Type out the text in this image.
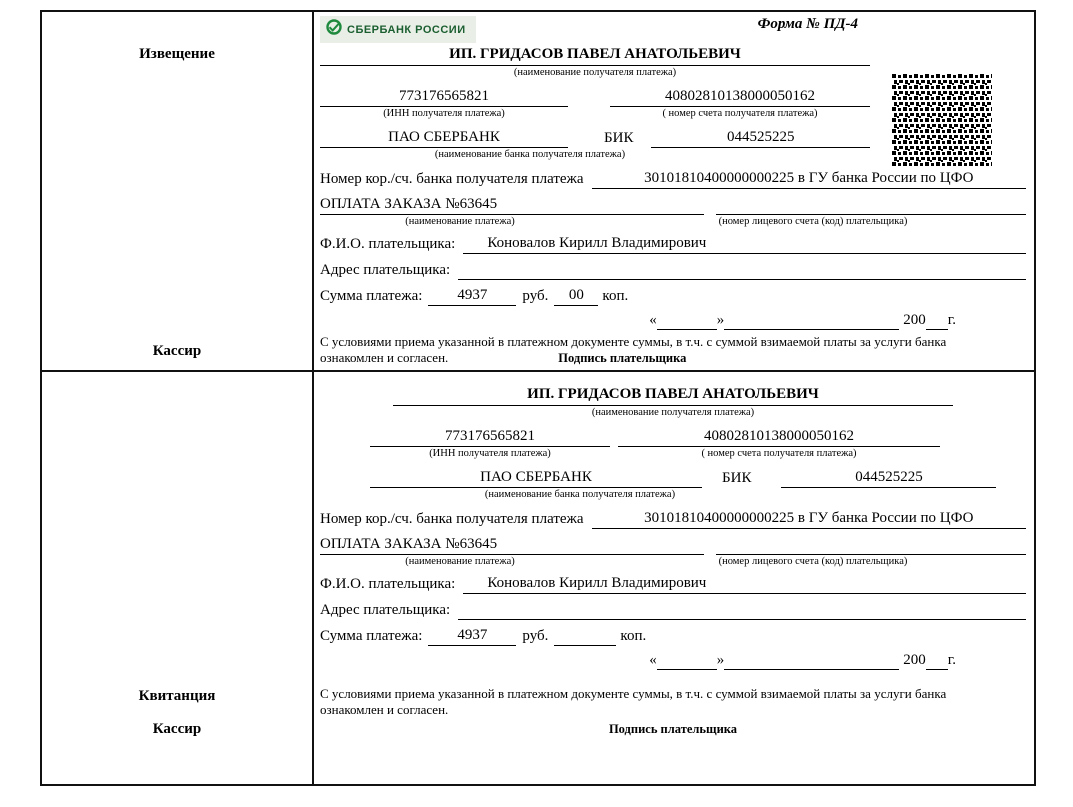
Извещение
Кассир
СБЕРБАНК РОССИИ	Форма № ПД-4
ИП. ГРИДАСОВ ПАВЕЛ АНАТОЛЬЕВИЧ
(наименование получателя платежа)
773176565821	40802810138000050162
(ИНН получателя платежа)	( номер счета получателя платежа)
ПАО СБЕРБАНК	БИК	044525225
(наименование банка получателя платежа)
Номер кор./сч. банка получателя платежа	30101810400000000225 в ГУ банка России по ЦФО
ОПЛАТА ЗАКАЗА №63645
(наименование платежа)	(номер лицевого счета (код) плательщика)
Ф.И.О. плательщика:	Коновалов Кирилл Владимирович
Адрес плательщика:
Сумма платежа:	4937	руб.	00	коп.
«	»	200 г.
С условиями приема указанной в платежном документе суммы, в т.ч. с суммой взимаемой платы за услуги банка
ознакомлен и согласен.	Подпись плательщика
Квитанция
Кассир
ИП. ГРИДАСОВ ПАВЕЛ АНАТОЛЬЕВИЧ
(наименование получателя платежа)
773176565821	40802810138000050162
(ИНН получателя платежа)	( номер счета получателя платежа)
ПАО СБЕРБАНК	БИК	044525225
(наименование банка получателя платежа)
Номер кор./сч. банка получателя платежа	30101810400000000225 в ГУ банка России по ЦФО
ОПЛАТА ЗАКАЗА №63645
(наименование платежа)	(номер лицевого счета (код) плательщика)
Ф.И.О. плательщика:	Коновалов Кирилл Владимирович
Адрес плательщика:
Сумма платежа:	4937	руб.	коп.
«	»	200 г.
С условиями приема указанной в платежном документе суммы, в т.ч. с суммой взимаемой платы за услуги банка
ознакомлен и согласен.
Подпись плательщика
